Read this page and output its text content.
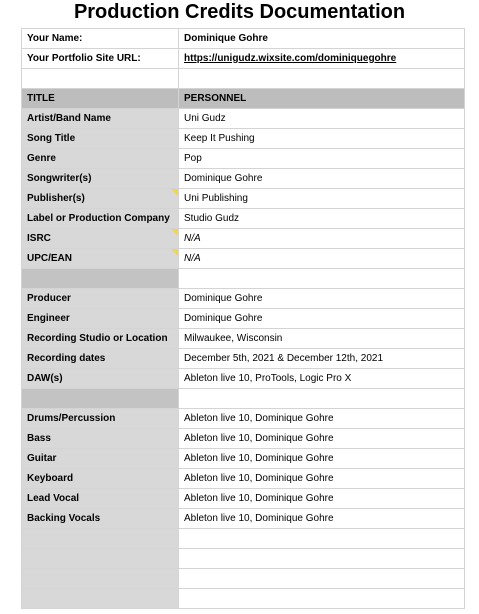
Production Credits Documentation
Your Name:	Dominique Gohre
Your Portfolio Site URL:	https://unigudz.wixsite.com/dominiquegohre

TITLE	PERSONNEL
Artist/Band Name	Uni Gudz
Song Title	Keep It Pushing
Genre	Pop
Songwriter(s)	Dominique Gohre
Publisher(s)	Uni Publishing
Label or Production Company	Studio Gudz
ISRC	N/A
UPC/EAN	N/A

Producer	Dominique Gohre
Engineer	Dominique Gohre
Recording Studio or Location	Milwaukee, Wisconsin
Recording dates	December 5th, 2021 & December 12th, 2021
DAW(s)	Ableton live 10, ProTools, Logic Pro X

Drums/Percussion	Ableton live 10, Dominique Gohre
Bass	Ableton live 10, Dominique Gohre
Guitar	Ableton live 10, Dominique Gohre
Keyboard	Ableton live 10, Dominique Gohre
Lead Vocal	Ableton live 10, Dominique Gohre
Backing Vocals	Ableton live 10, Dominique Gohre
